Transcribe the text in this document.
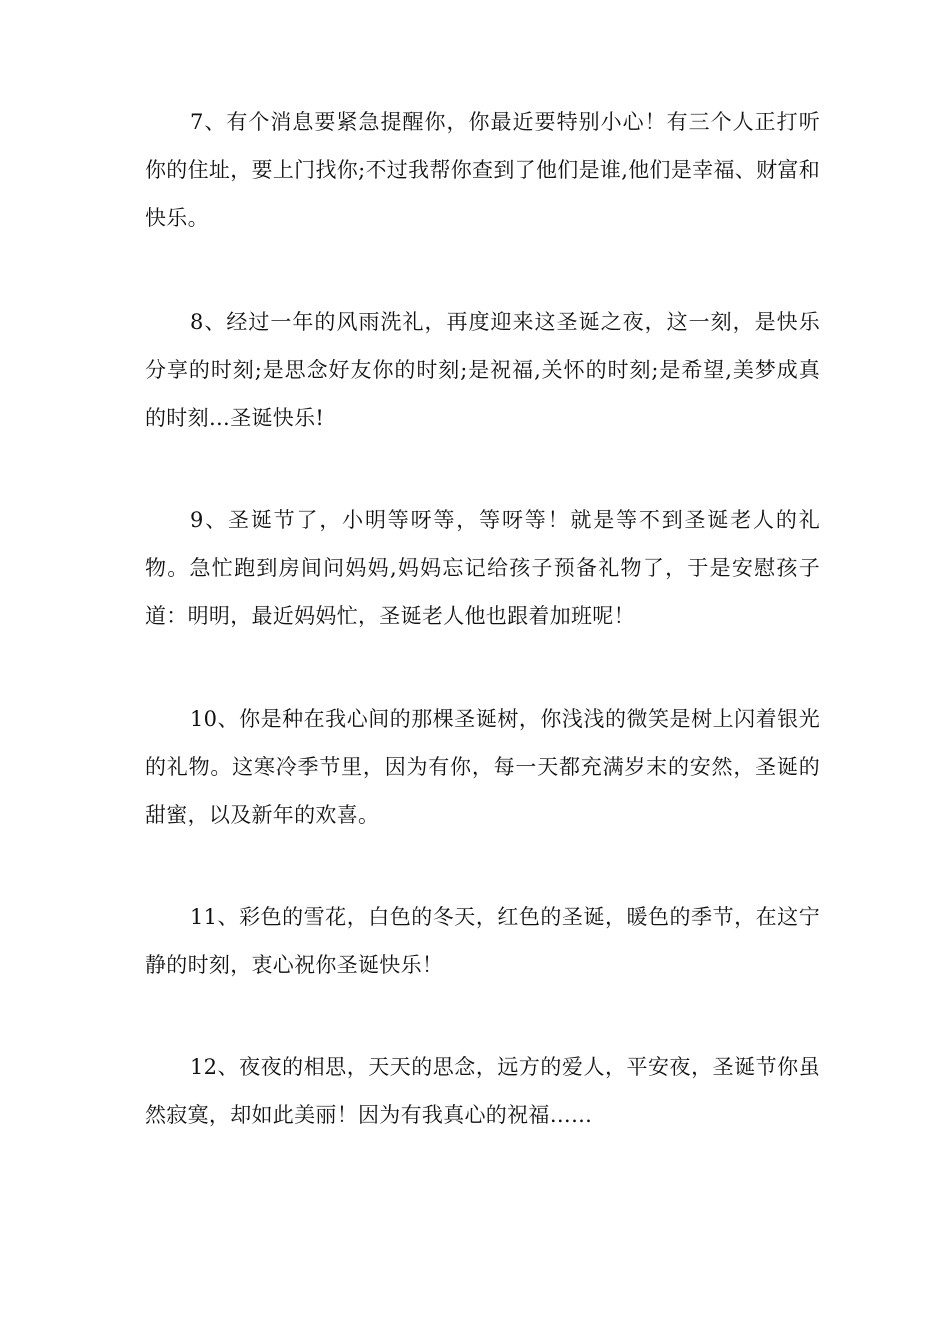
7、有个消息要紧急提醒你，你最近要特别小心！有三个人正打听你的住址，要上门找你;不过我帮你查到了他们是谁,他们是幸福、财富和快乐。

8、经过一年的风雨洗礼，再度迎来这圣诞之夜，这一刻，是快乐分享的时刻;是思念好友你的时刻;是祝福,关怀的时刻;是希望,美梦成真的时刻…圣诞快乐!

9、圣诞节了，小明等呀等，等呀等！就是等不到圣诞老人的礼物。急忙跑到房间问妈妈,妈妈忘记给孩子预备礼物了，于是安慰孩子道：明明，最近妈妈忙，圣诞老人他也跟着加班呢！

10、你是种在我心间的那棵圣诞树，你浅浅的微笑是树上闪着银光的礼物。这寒冷季节里，因为有你，每一天都充满岁末的安然，圣诞的甜蜜，以及新年的欢喜。

11、彩色的雪花，白色的冬天，红色的圣诞，暖色的季节，在这宁静的时刻，衷心祝你圣诞快乐！

12、夜夜的相思，天天的思念，远方的爱人，平安夜，圣诞节你虽然寂寞，却如此美丽！因为有我真心的祝福……
